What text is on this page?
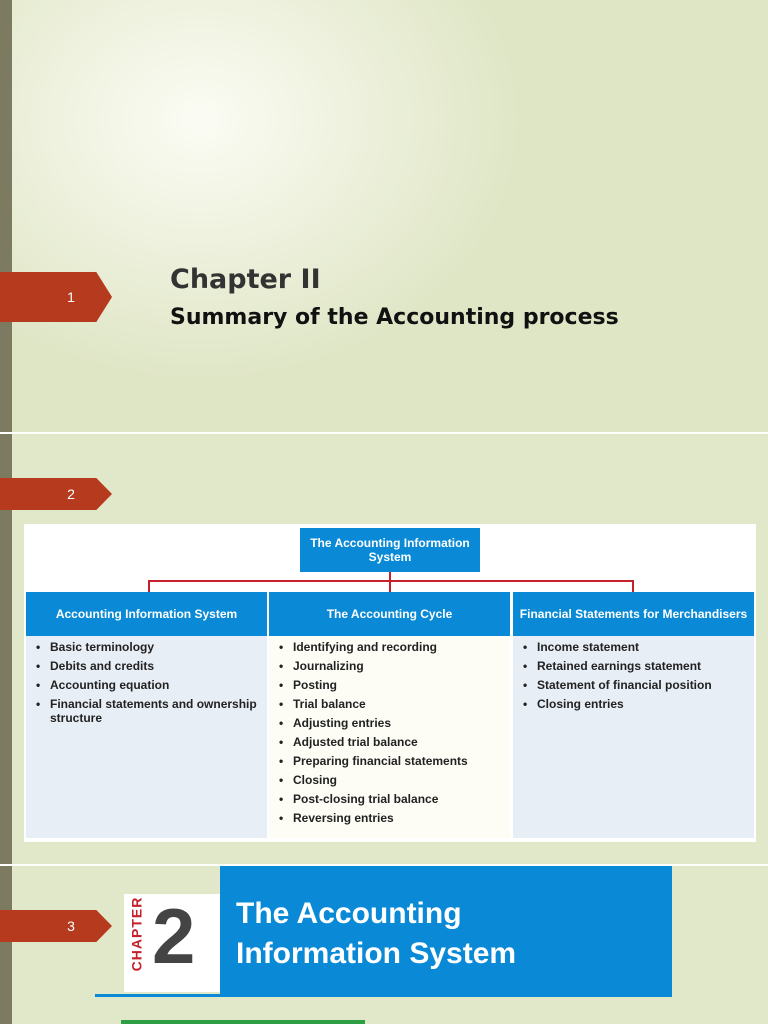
1
Chapter II
Summary of the Accounting process
2
The Accounting Information System
Accounting Information System
• Basic terminology
• Debits and credits
• Accounting equation
• Financial statements and ownership structure
The Accounting Cycle
• Identifying and recording
• Journalizing
• Posting
• Trial balance
• Adjusting entries
• Adjusted trial balance
• Preparing financial statements
• Closing
• Post-closing trial balance
• Reversing entries
Financial Statements for Merchandisers
• Income statement
• Retained earnings statement
• Statement of financial position
• Closing entries
3	CHAPTER 2 The Accounting
Information System
